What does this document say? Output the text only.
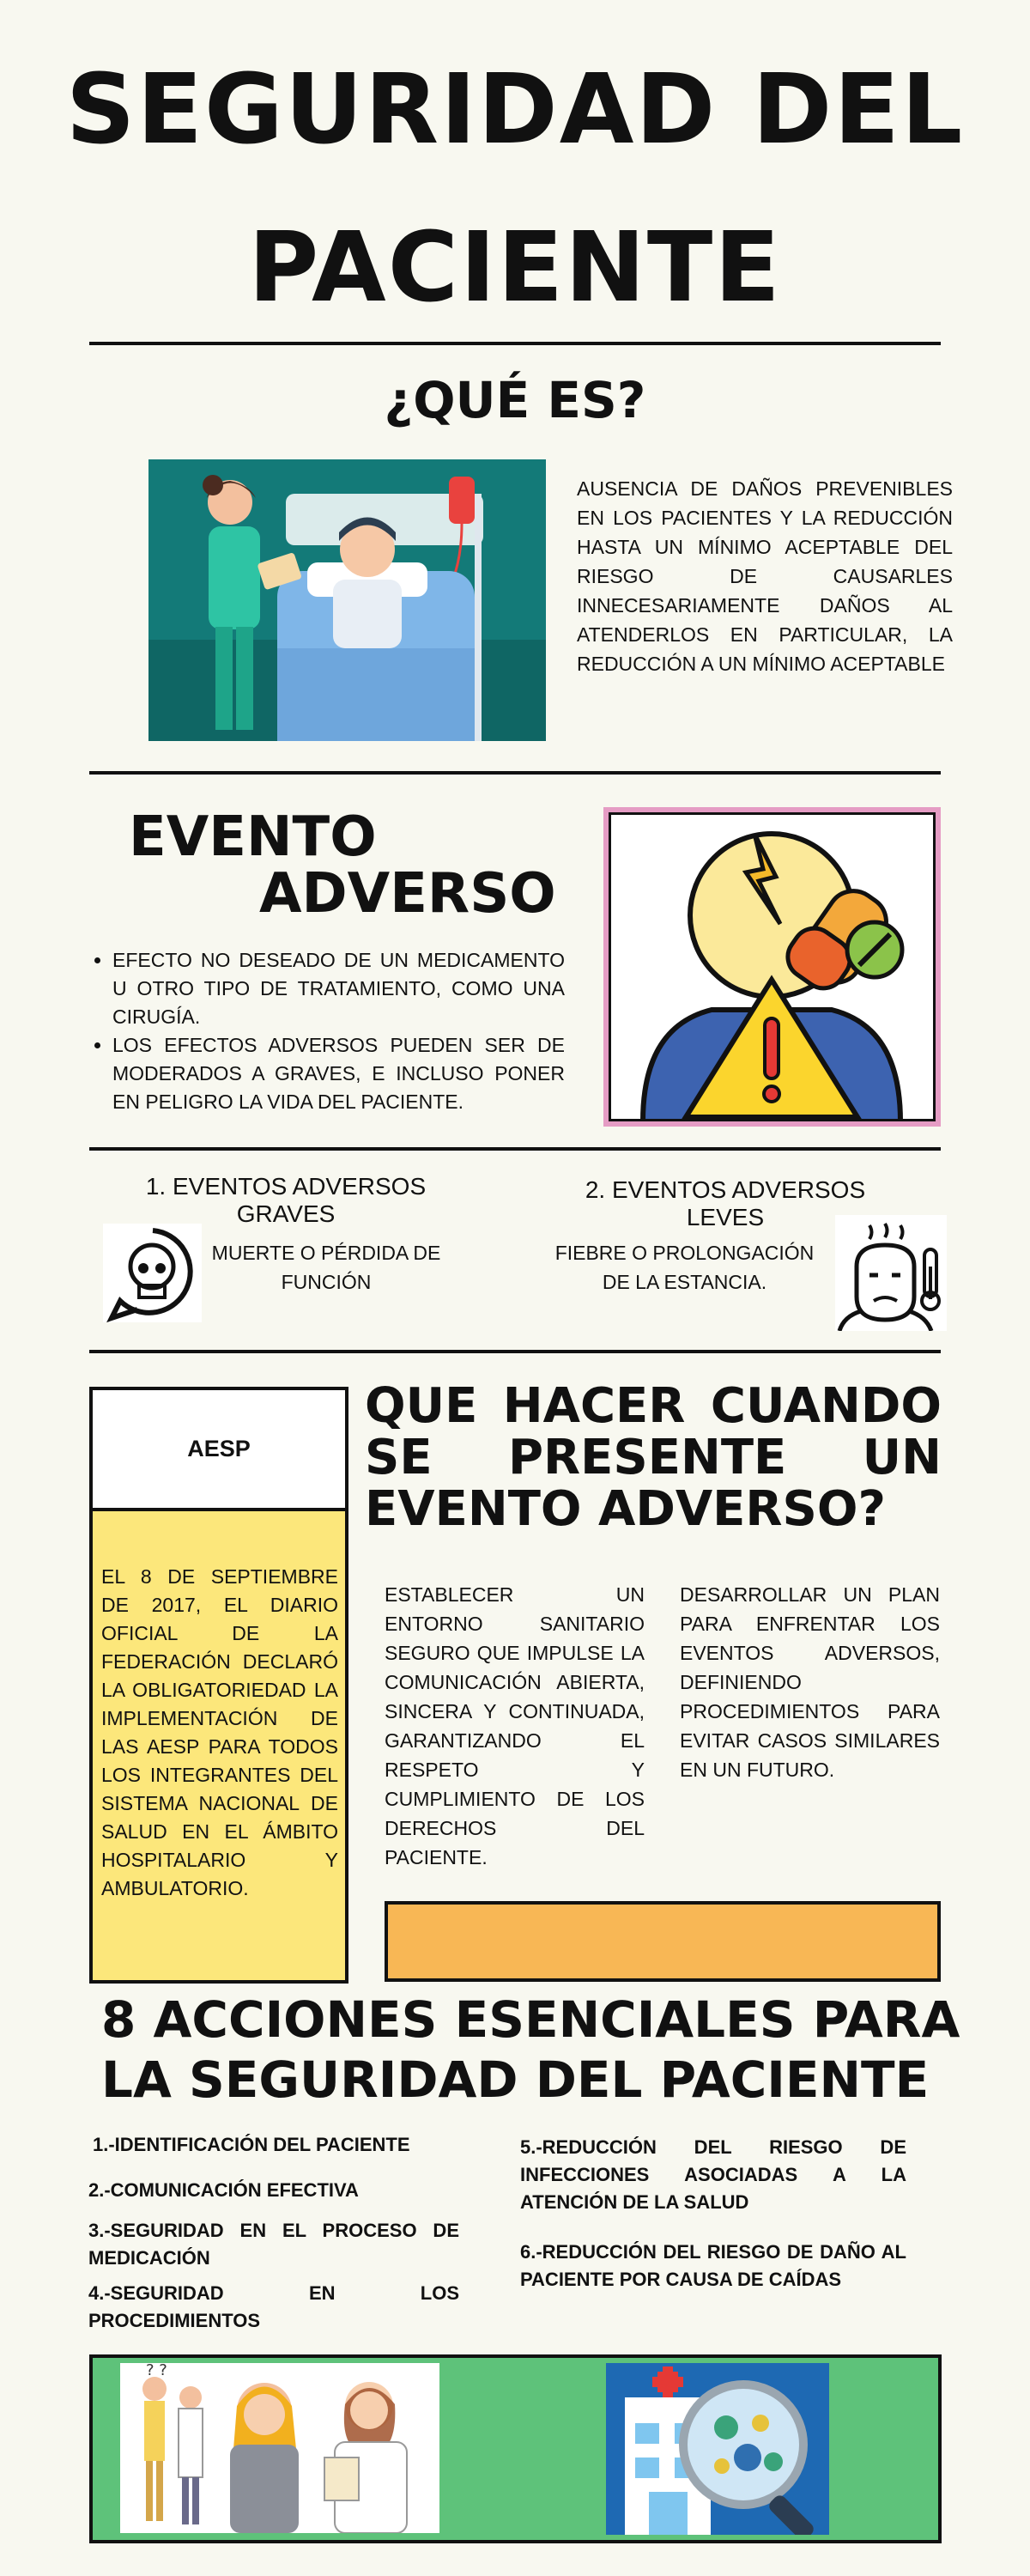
SEGURIDAD DEL
PACIENTE
¿QUÉ ES?
AUSENCIA DE DAÑOS PREVENIBLES EN LOS PACIENTES Y LA REDUCCIÓN HASTA UN MÍNIMO ACEPTABLE DEL RIESGO DE CAUSARLES INNECESARIAMENTE DAÑOS AL ATENDERLOS EN PARTICULAR, LA REDUCCIÓN A UN MÍNIMO ACEPTABLE
EVENTO
ADVERSO
• EFECTO NO DESEADO DE UN MEDICAMENTO U OTRO TIPO DE TRATAMIENTO, COMO UNA CIRUGÍA.
• LOS EFECTOS ADVERSOS PUEDEN SER DE MODERADOS A GRAVES, E INCLUSO PONER EN PELIGRO LA VIDA DEL PACIENTE.
1. EVENTOS ADVERSOS
GRAVES
MUERTE O PÉRDIDA DE FUNCIÓN
2. EVENTOS ADVERSOS
LEVES
FIEBRE O PROLONGACIÓN DE LA ESTANCIA.
AESP
EL 8 DE SEPTIEMBRE DE 2017, EL DIARIO OFICIAL DE LA FEDERACIÓN DECLARÓ LA OBLIGATORIEDAD LA IMPLEMENTACIÓN DE LAS AESP PARA TODOS LOS INTEGRANTES DEL SISTEMA NACIONAL DE SALUD EN EL ÁMBITO HOSPITALARIO Y AMBULATORIO.
QUE HACER CUANDO SE PRESENTE UN EVENTO ADVERSO?
ESTABLECER UN ENTORNO SANITARIO SEGURO QUE IMPULSE LA COMUNICACIÓN ABIERTA, SINCERA Y CONTINUADA, GARANTIZANDO EL RESPETO Y CUMPLIMIENTO DE LOS DERECHOS DEL PACIENTE.
DESARROLLAR UN PLAN PARA ENFRENTAR LOS EVENTOS ADVERSOS, DEFINIENDO PROCEDIMIENTOS PARA EVITAR CASOS SIMILARES EN UN FUTURO.
8 ACCIONES ESENCIALES PARA
LA SEGURIDAD DEL PACIENTE
1.-IDENTIFICACIÓN DEL PACIENTE
2.-COMUNICACIÓN EFECTIVA
3.-SEGURIDAD EN EL PROCESO DE MEDICACIÓN
4.-SEGURIDAD EN LOS PROCEDIMIENTOS
5.-REDUCCIÓN DEL RIESGO DE INFECCIONES ASOCIADAS A LA ATENCIÓN DE LA SALUD
6.-REDUCCIÓN DEL RIESGO DE DAÑO AL PACIENTE POR CAUSA DE CAÍDAS
? ?
